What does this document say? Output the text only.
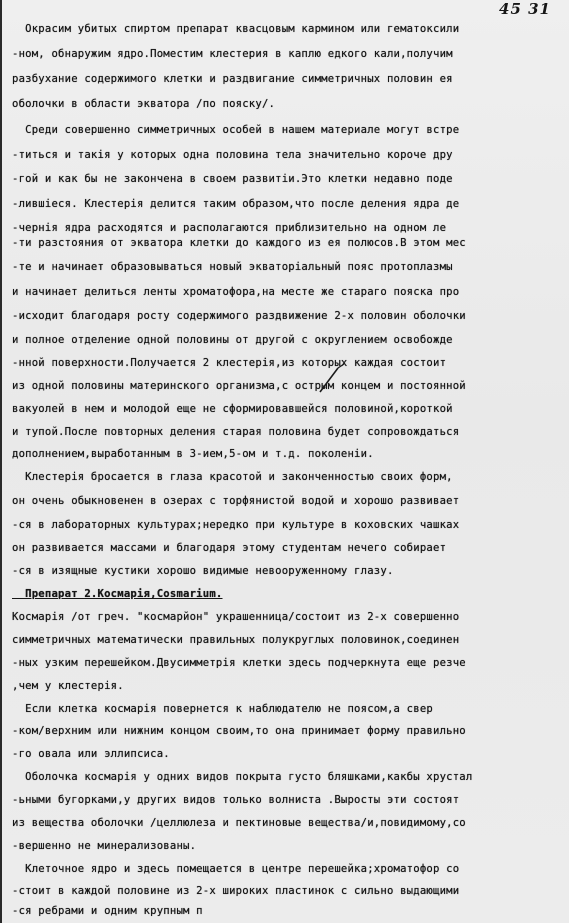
45 31
Окрасим убитых спиртом препарат квасцовым кармином или гематоксили
-ном, обнаружим ядро.Поместим клестерия в каплю едкого кали,получим
разбухание содержимого клетки и раздвигание симметричных половин ея
оболочки в области экватора /по пояску/.
Среди совершенно симметричных особей в нашем материале могут встрe
-титься и такія у которых одна половина тела значительно короче дру
-гой и как бы не закончена в своем развитіи.Это клетки недавно поде
-лившіеся. Клестерія делится таким образом,что после деления ядра де
-чернія ядра расходятся и располагаются приблизительно на одном ле
-ти разстояния от экватора клетки до каждого из ея полюсов.В этом мес
-те и начинает образовываться новый экваторіальный пояс протоплазмы
и начинает делиться ленты хроматофора,на месте же стараго пояска про
-исходит благодаря росту содержимого раздвижение 2-х половин оболочки
и полное отделение одной половины от другой с округлением освобожде
-нной поверхности.Получается 2 клестерія,из которых каждая состоит
из одной половины материнского организма,с острым концем и постоянной
вакуолей в нем и молодой еще не сформировавшейся половиной,короткой
и тупой.После повторных деления старая половина будет сопровождаться
дополнением,выработанным в 3-ием,5-ом и т.д. поколеніи.
Клестерія бросается в глаза красотой и законченностью своих форм,
он очень обыкновенен в озерах с торфянистой водой и хорошо развивает
-ся в лабораторных культурах;нередко при культуре в коховских чашках
он развивается массами и благодаря этому студентам нечего собирает
-ся в изящные кустики хорошо видимые невооруженному глазу.
Препарат 2.Космарія,Cosmarium.
Космарія /от греч. "космарйон" украшенница/состоит из 2-х совершенно
симметричных математически правильных полукруглых половинок,соединен
-ных узким перешейком.Двусимметрія клетки здесь подчеркнута еще резче
,чем у клестерія.
Если клетка космарія повернется к наблюдателю не поясом,а свер
-ком/верхним или нижним концом своим,то она принимает форму правильно
-го овала или эллипсиса.
Оболочка космарія у одних видов покрыта густо бляшками,какбы хрустал
-ьными бугорками,у других видов только волниста .Выросты эти состоят
из вещества оболочки /целлюлеза и пектиновые вещества/и,повидимому,со
-вершенно не минерализованы.
Клеточное ядро и здесь помещается в центре перешейка;хроматофор со
-стоит в каждой половине из 2-х широких пластинок с сильно выдающими
-ся ребрами и одним крупным п
